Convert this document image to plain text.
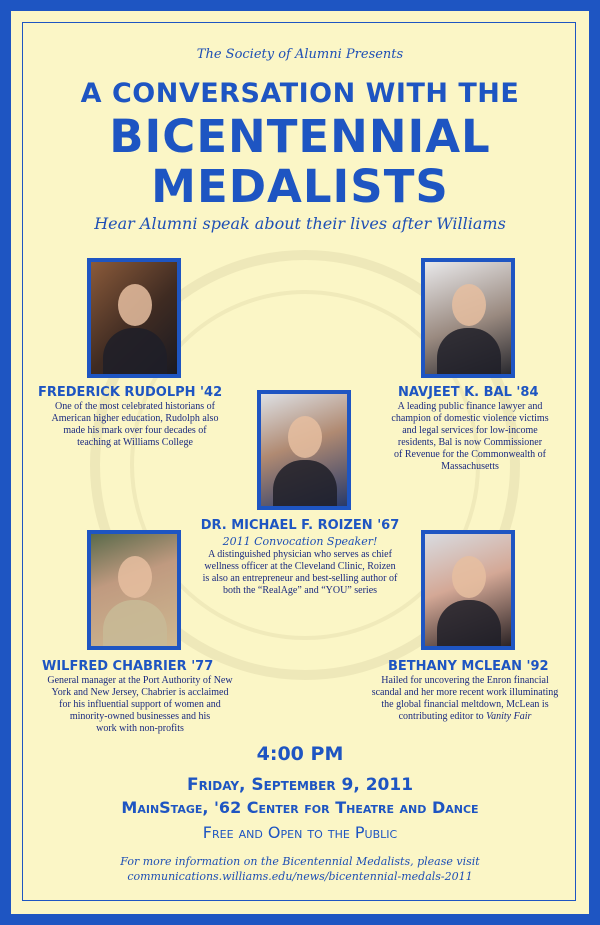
The Society of Alumni Presents
A CONVERSATION WITH THE
BICENTENNIAL
MEDALISTS
Hear Alumni speak about their lives after Williams
FREDERICK RUDOLPH '42
One of the most celebrated historians of
American higher education, Rudolph also
made his mark over four decades of
teaching at Williams College
NAVJEET K. BAL '84
A leading public finance lawyer and
champion of domestic violence victims
and legal services for low-income
residents, Bal is now Commissioner
of Revenue for the Commonwealth of
Massachusetts
DR. MICHAEL F. ROIZEN '67
2011 Convocation Speaker!
A distinguished physician who serves as chief
wellness officer at the Cleveland Clinic, Roizen
is also an entrepreneur and best-selling author of
both the “RealAge” and “YOU” series
WILFRED CHABRIER '77
General manager at the Port Authority of New
York and New Jersey, Chabrier is acclaimed
for his influential support of women and
minority-owned businesses and his
work with non-profits
BETHANY MCLEAN '92
Hailed for uncovering the Enron financial
scandal and her more recent work illuminating
the global financial meltdown, McLean is
contributing editor to Vanity Fair
4:00 PM
Friday, September 9, 2011
MainStage, '62 Center for Theatre and Dance
Free and Open to the Public
For more information on the Bicentennial Medalists, please visit
communications.williams.edu/news/bicentennial-medals-2011
